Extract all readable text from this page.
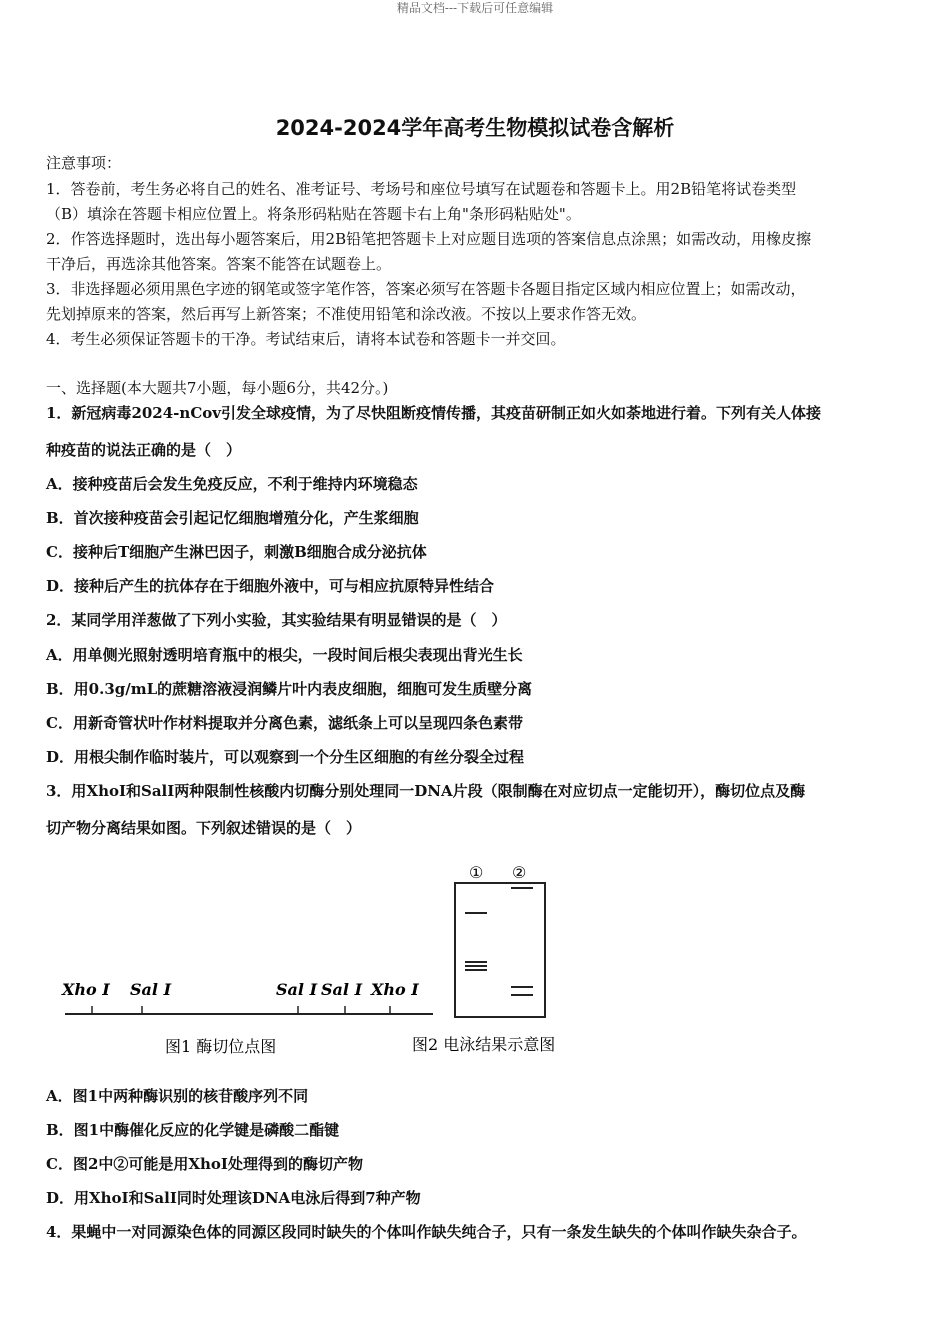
精品文档---下载后可任意编辑
2024-2024学年高考生物模拟试卷含解析
注意事项：
1．答卷前，考生务必将自己的姓名、准考证号、考场号和座位号填写在试题卷和答题卡上。用2B铅笔将试卷类型
（B）填涂在答题卡相应位置上。将条形码粘贴在答题卡右上角"条形码粘贴处"。
2．作答选择题时，选出每小题答案后，用2B铅笔把答题卡上对应题目选项的答案信息点涂黑；如需改动，用橡皮擦
干净后，再选涂其他答案。答案不能答在试题卷上。
3．非选择题必须用黑色字迹的钢笔或签字笔作答，答案必须写在答题卡各题目指定区域内相应位置上；如需改动，
先划掉原来的答案，然后再写上新答案；不准使用铅笔和涂改液。不按以上要求作答无效。
4．考生必须保证答题卡的干净。考试结束后，请将本试卷和答题卡一并交回。
一、选择题(本大题共7小题，每小题6分，共42分。)
1．新冠病毒2024-nCov引发全球疫情，为了尽快阻断疫情传播，其疫苗研制正如火如荼地进行着。下列有关人体接
种疫苗的说法正确的是（　）
A．接种疫苗后会发生免疫反应，不利于维持内环境稳态
B．首次接种疫苗会引起记忆细胞增殖分化，产生浆细胞
C．接种后T细胞产生淋巴因子，刺激B细胞合成分泌抗体
D．接种后产生的抗体存在于细胞外液中，可与相应抗原特异性结合
2．某同学用洋葱做了下列小实验，其实验结果有明显错误的是（　）
A．用单侧光照射透明培育瓶中的根尖，一段时间后根尖表现出背光生长
B．用0.3g/mL的蔗糖溶液浸润鳞片叶内表皮细胞，细胞可发生质壁分离
C．用新奇管状叶作材料提取并分离色素，滤纸条上可以呈现四条色素带
D．用根尖制作临时装片，可以观察到一个分生区细胞的有丝分裂全过程
3．用XhoI和SalI两种限制性核酸内切酶分别处理同一DNA片段（限制酶在对应切点一定能切开），酶切位点及酶
切产物分离结果如图。下列叙述错误的是（　）
Xho I Sal I	Sal I Sal I Xho I
图1 酶切位点图
① ②
图2 电泳结果示意图
A．图1中两种酶识别的核苷酸序列不同
B．图1中酶催化反应的化学键是磷酸二酯键
C．图2中②可能是用XhoI处理得到的酶切产物
D．用XhoI和SalI同时处理该DNA电泳后得到7种产物
4．果蝇中一对同源染色体的同源区段同时缺失的个体叫作缺失纯合子，只有一条发生缺失的个体叫作缺失杂合子。
